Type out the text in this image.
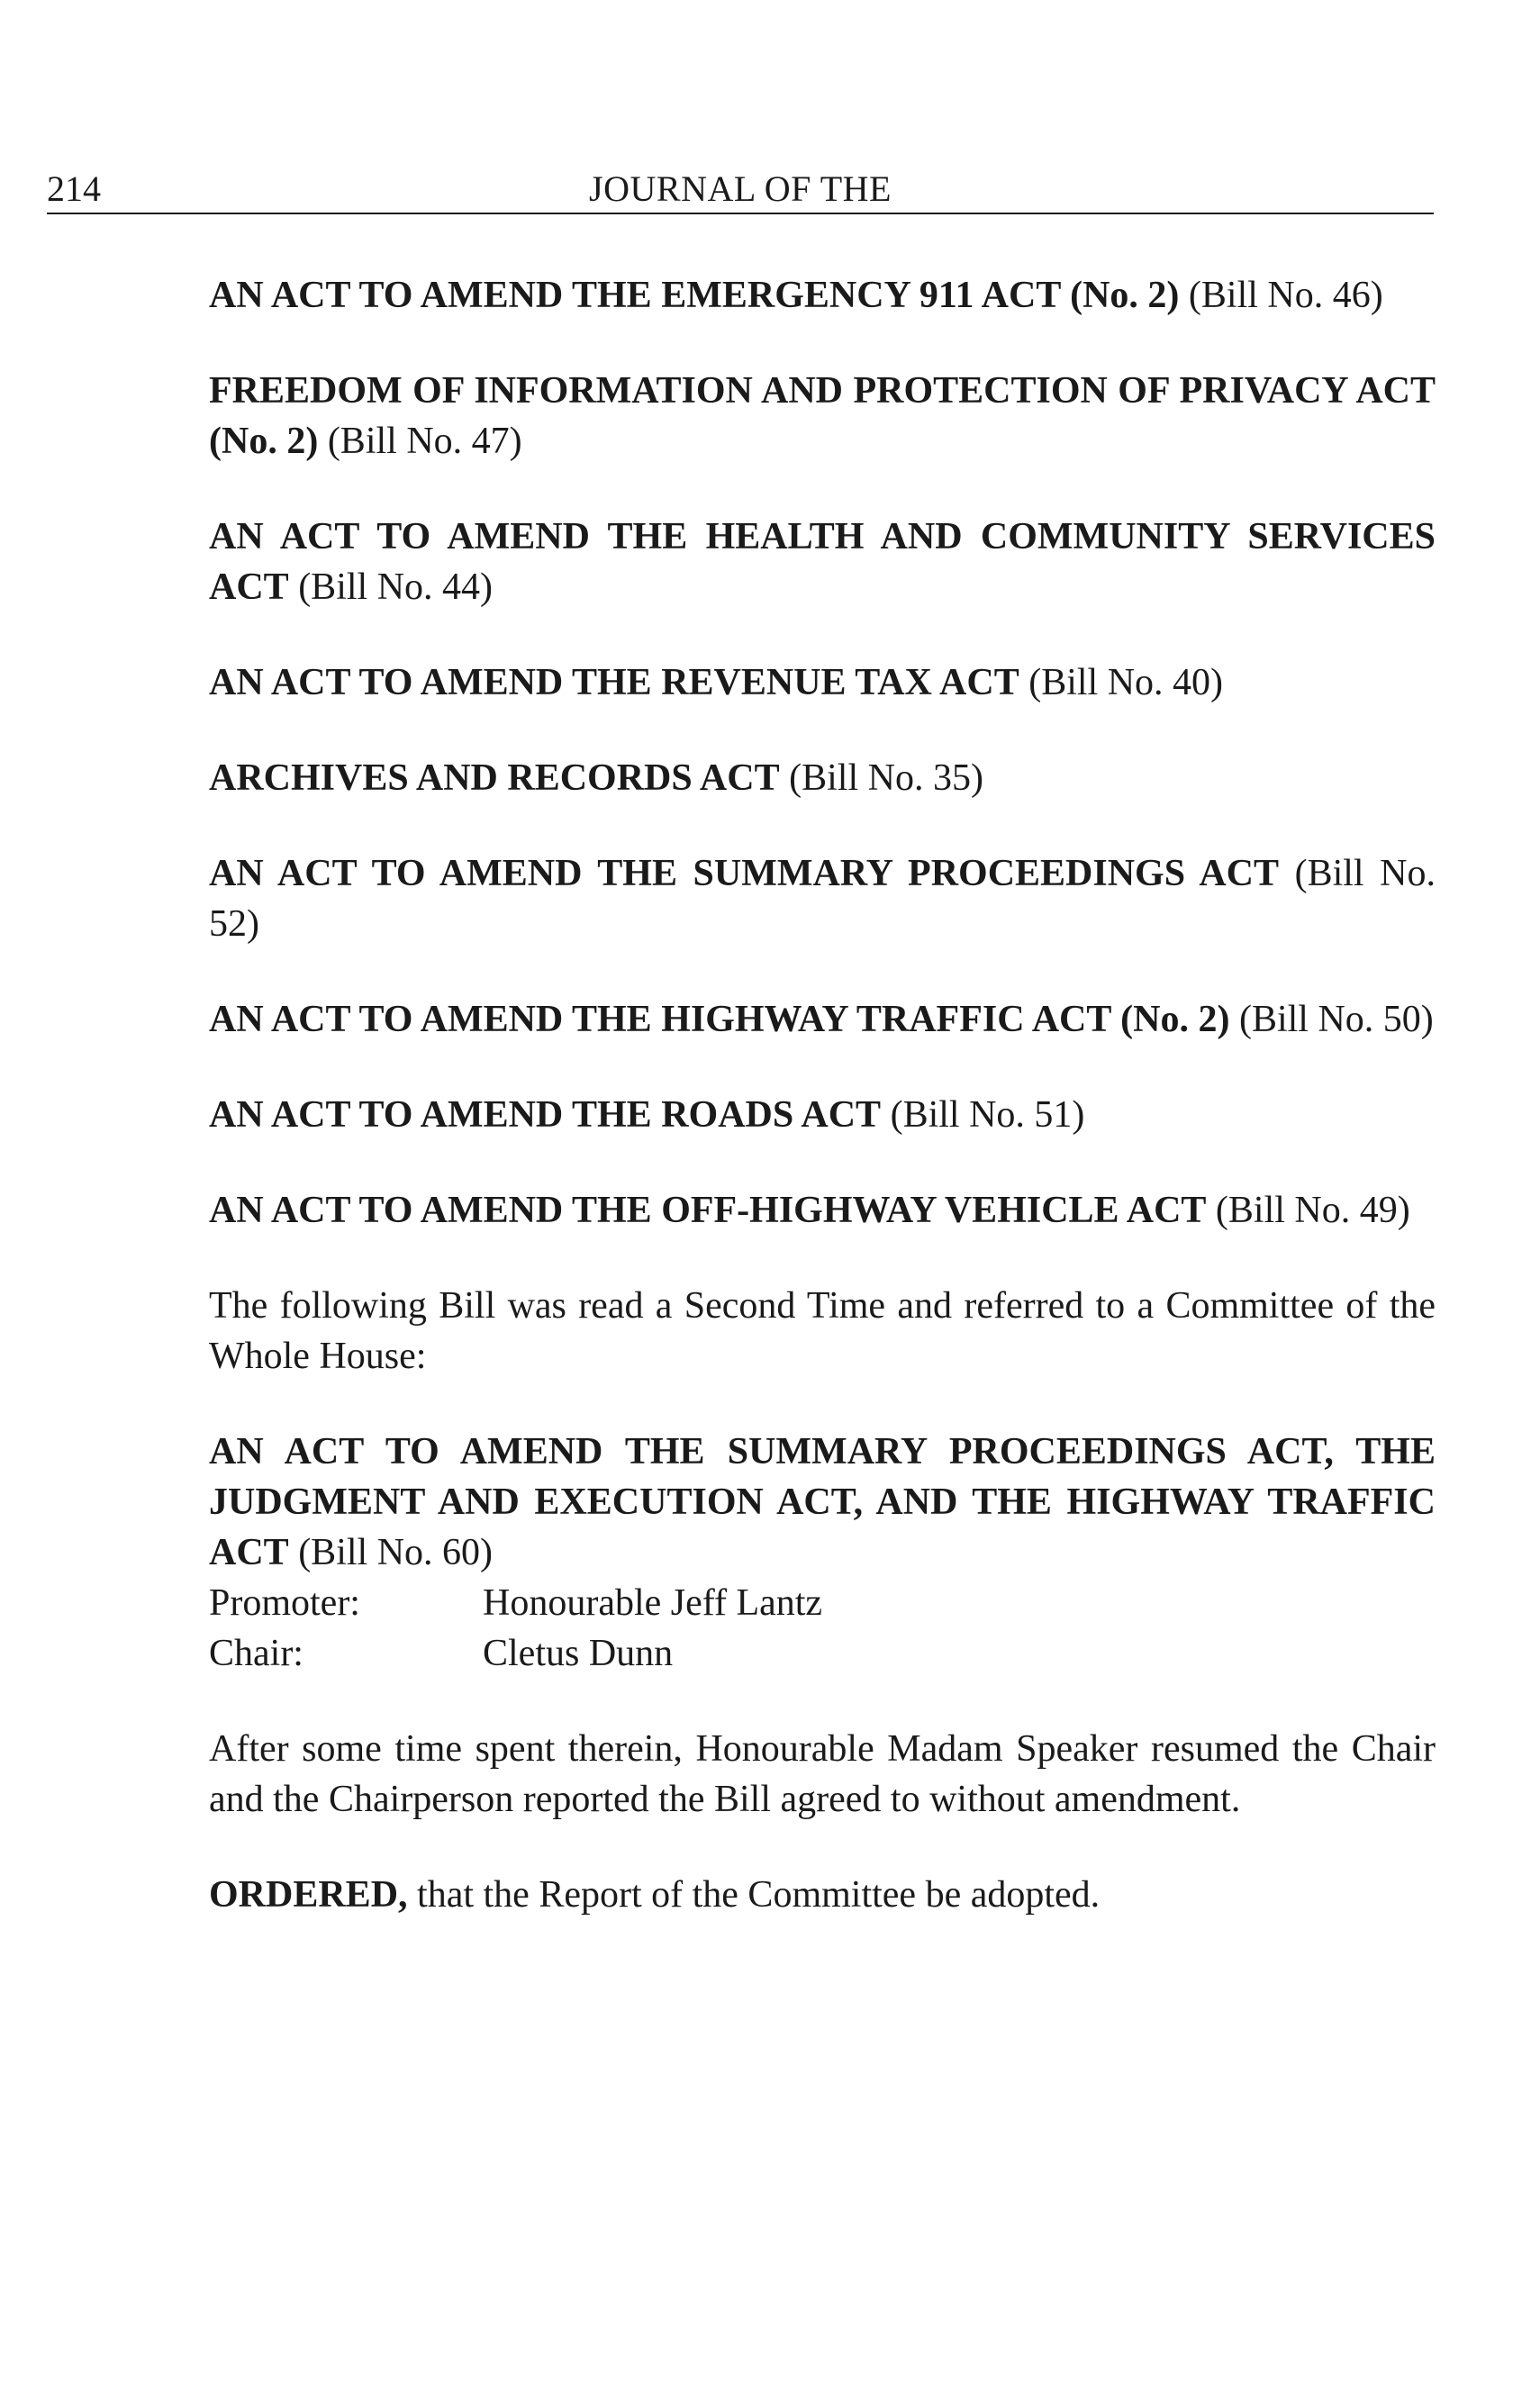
214	JOURNAL OF THE

AN ACT TO AMEND THE EMERGENCY 911 ACT (No. 2) (Bill No. 46)

FREEDOM OF INFORMATION AND PROTECTION OF PRIVACY ACT (No. 2) (Bill No. 47)

AN ACT TO AMEND THE HEALTH AND COMMUNITY SERVICES ACT (Bill No. 44)

AN ACT TO AMEND THE REVENUE TAX ACT (Bill No. 40)

ARCHIVES AND RECORDS ACT (Bill No. 35)

AN ACT TO AMEND THE SUMMARY PROCEEDINGS ACT (Bill No. 52)

AN ACT TO AMEND THE HIGHWAY TRAFFIC ACT (No. 2) (Bill No. 50)

AN ACT TO AMEND THE ROADS ACT (Bill No. 51)

AN ACT TO AMEND THE OFF-HIGHWAY VEHICLE ACT (Bill No. 49)

The following Bill was read a Second Time and referred to a Committee of the Whole House:

AN ACT TO AMEND THE SUMMARY PROCEEDINGS ACT, THE JUDGMENT AND EXECUTION ACT, AND THE HIGHWAY TRAFFIC ACT (Bill No. 60)

Promoter:	Honourable Jeff Lantz
Chair:	Cletus Dunn

After some time spent therein, Honourable Madam Speaker resumed the Chair and the Chairperson reported the Bill agreed to without amendment.

ORDERED, that the Report of the Committee be adopted.
